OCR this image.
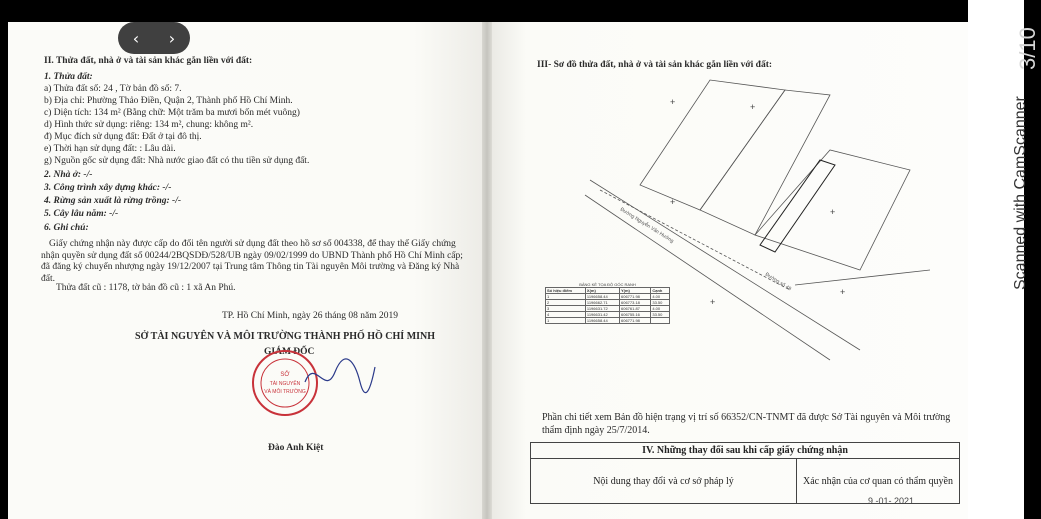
II. Thửa đất, nhà ở và tài sản khác gắn liền với đất:
1. Thửa đất:
a) Thửa đất số: 24 , Tờ bản đồ số: 7.
b) Địa chỉ: Phường Thảo Điền, Quận 2, Thành phố Hồ Chí Minh.
c) Diện tích: 134 m² (Bằng chữ: Một trăm ba mươi bốn mét vuông)
d) Hình thức sử dụng: riêng: 134 m², chung: không m².
đ) Mục đích sử dụng đất: Đất ở tại đô thị.
e) Thời hạn sử dụng đất: : Lâu dài.
g) Nguồn gốc sử dụng đất: Nhà nước giao đất có thu tiền sử dụng đất.
2. Nhà ở: -/-
3. Công trình xây dựng khác: -/-
4. Rừng sản xuất là rừng trồng: -/-
5. Cây lâu năm: -/-
6. Ghi chú:
Giấy chứng nhận này được cấp do đổi tên người sử dụng đất theo hồ sơ số 004338, để thay thế Giấy chứng nhận quyền sử dụng đất số 00244/2BQSDĐ/528/UB ngày 09/02/1999 do UBND Thành phố Hồ Chí Minh cấp; đã đăng ký chuyển nhượng ngày 19/12/2007 tại Trung tâm Thông tin Tài nguyên Môi trường và Đăng ký Nhà đất.
Thửa đất cũ : 1178, tờ bản đồ cũ : 1 xã An Phú.
TP. Hồ Chí Minh, ngày 26 tháng 08 năm 2019
SỞ TÀI NGUYÊN VÀ MÔI TRƯỜNG THÀNH PHỐ HỒ CHÍ MINH
GIÁM ĐỐC
SỞ
TÀI NGUYÊN
VÀ MÔI TRƯỜNG
Đào Anh Kiệt
III- Sơ đồ thửa đất, nhà ở và tài sản khác gắn liền với đất:
+	+
+
+
+
+
Đường Nguyễn Văn Hưởng
Đường số 48
BẢNG KÊ TỌA ĐỘ GÓC RANH
Số hiệu điểm	X(m)	Y(m)	Cạnh
1	1196658.44	606771.98	4.00
2	1196662.71	606773.18	33.50
3	1196631.72	606761.87	4.00
4	1196631.42	606755.16	33.50
1	1196658.44	606771.98	
Phần chi tiết xem Bản đồ hiện trạng vị trí số 66352/CN-TNMT đã được Sở Tài nguyên và Môi trường thẩm định ngày 25/7/2014.
IV. Những thay đổi sau khi cấp giấy chứng nhận
Nội dung thay đổi và cơ sở pháp lý	Xác nhận của cơ quan có thẩm quyền
9 -01- 2021
‹	›	3/10
Scanned with CamScanner
